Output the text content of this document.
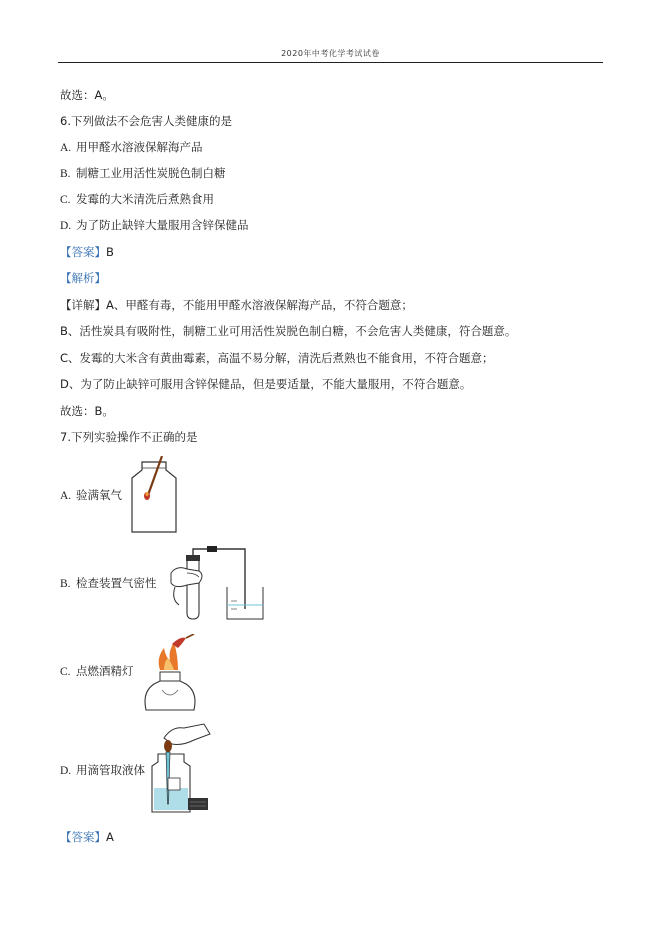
2020年中考化学考试试卷
故选：A。
6.下列做法不会危害人类健康的是
A. 用甲醛水溶液保解海产品
B. 制糖工业用活性炭脱色制白糖
C. 发霉的大米清洗后煮熟食用
D. 为了防止缺锌大量服用含锌保健品
【答案】B
【解析】
【详解】A、甲醛有毒，不能用甲醛水溶液保解海产品，不符合题意；
B、活性炭具有吸附性，制糖工业可用活性炭脱色制白糖，不会危害人类健康，符合题意。
C、发霉的大米含有黄曲霉素，高温不易分解，清洗后煮熟也不能食用，不符合题意；
D、为了防止缺锌可服用含锌保健品，但是要适量，不能大量服用，不符合题意。
故选：B。
7.下列实验操作不正确的是
A. 验满氧气
B. 检查装置气密性
C. 点燃酒精灯
D. 用滴管取液体
【答案】A
